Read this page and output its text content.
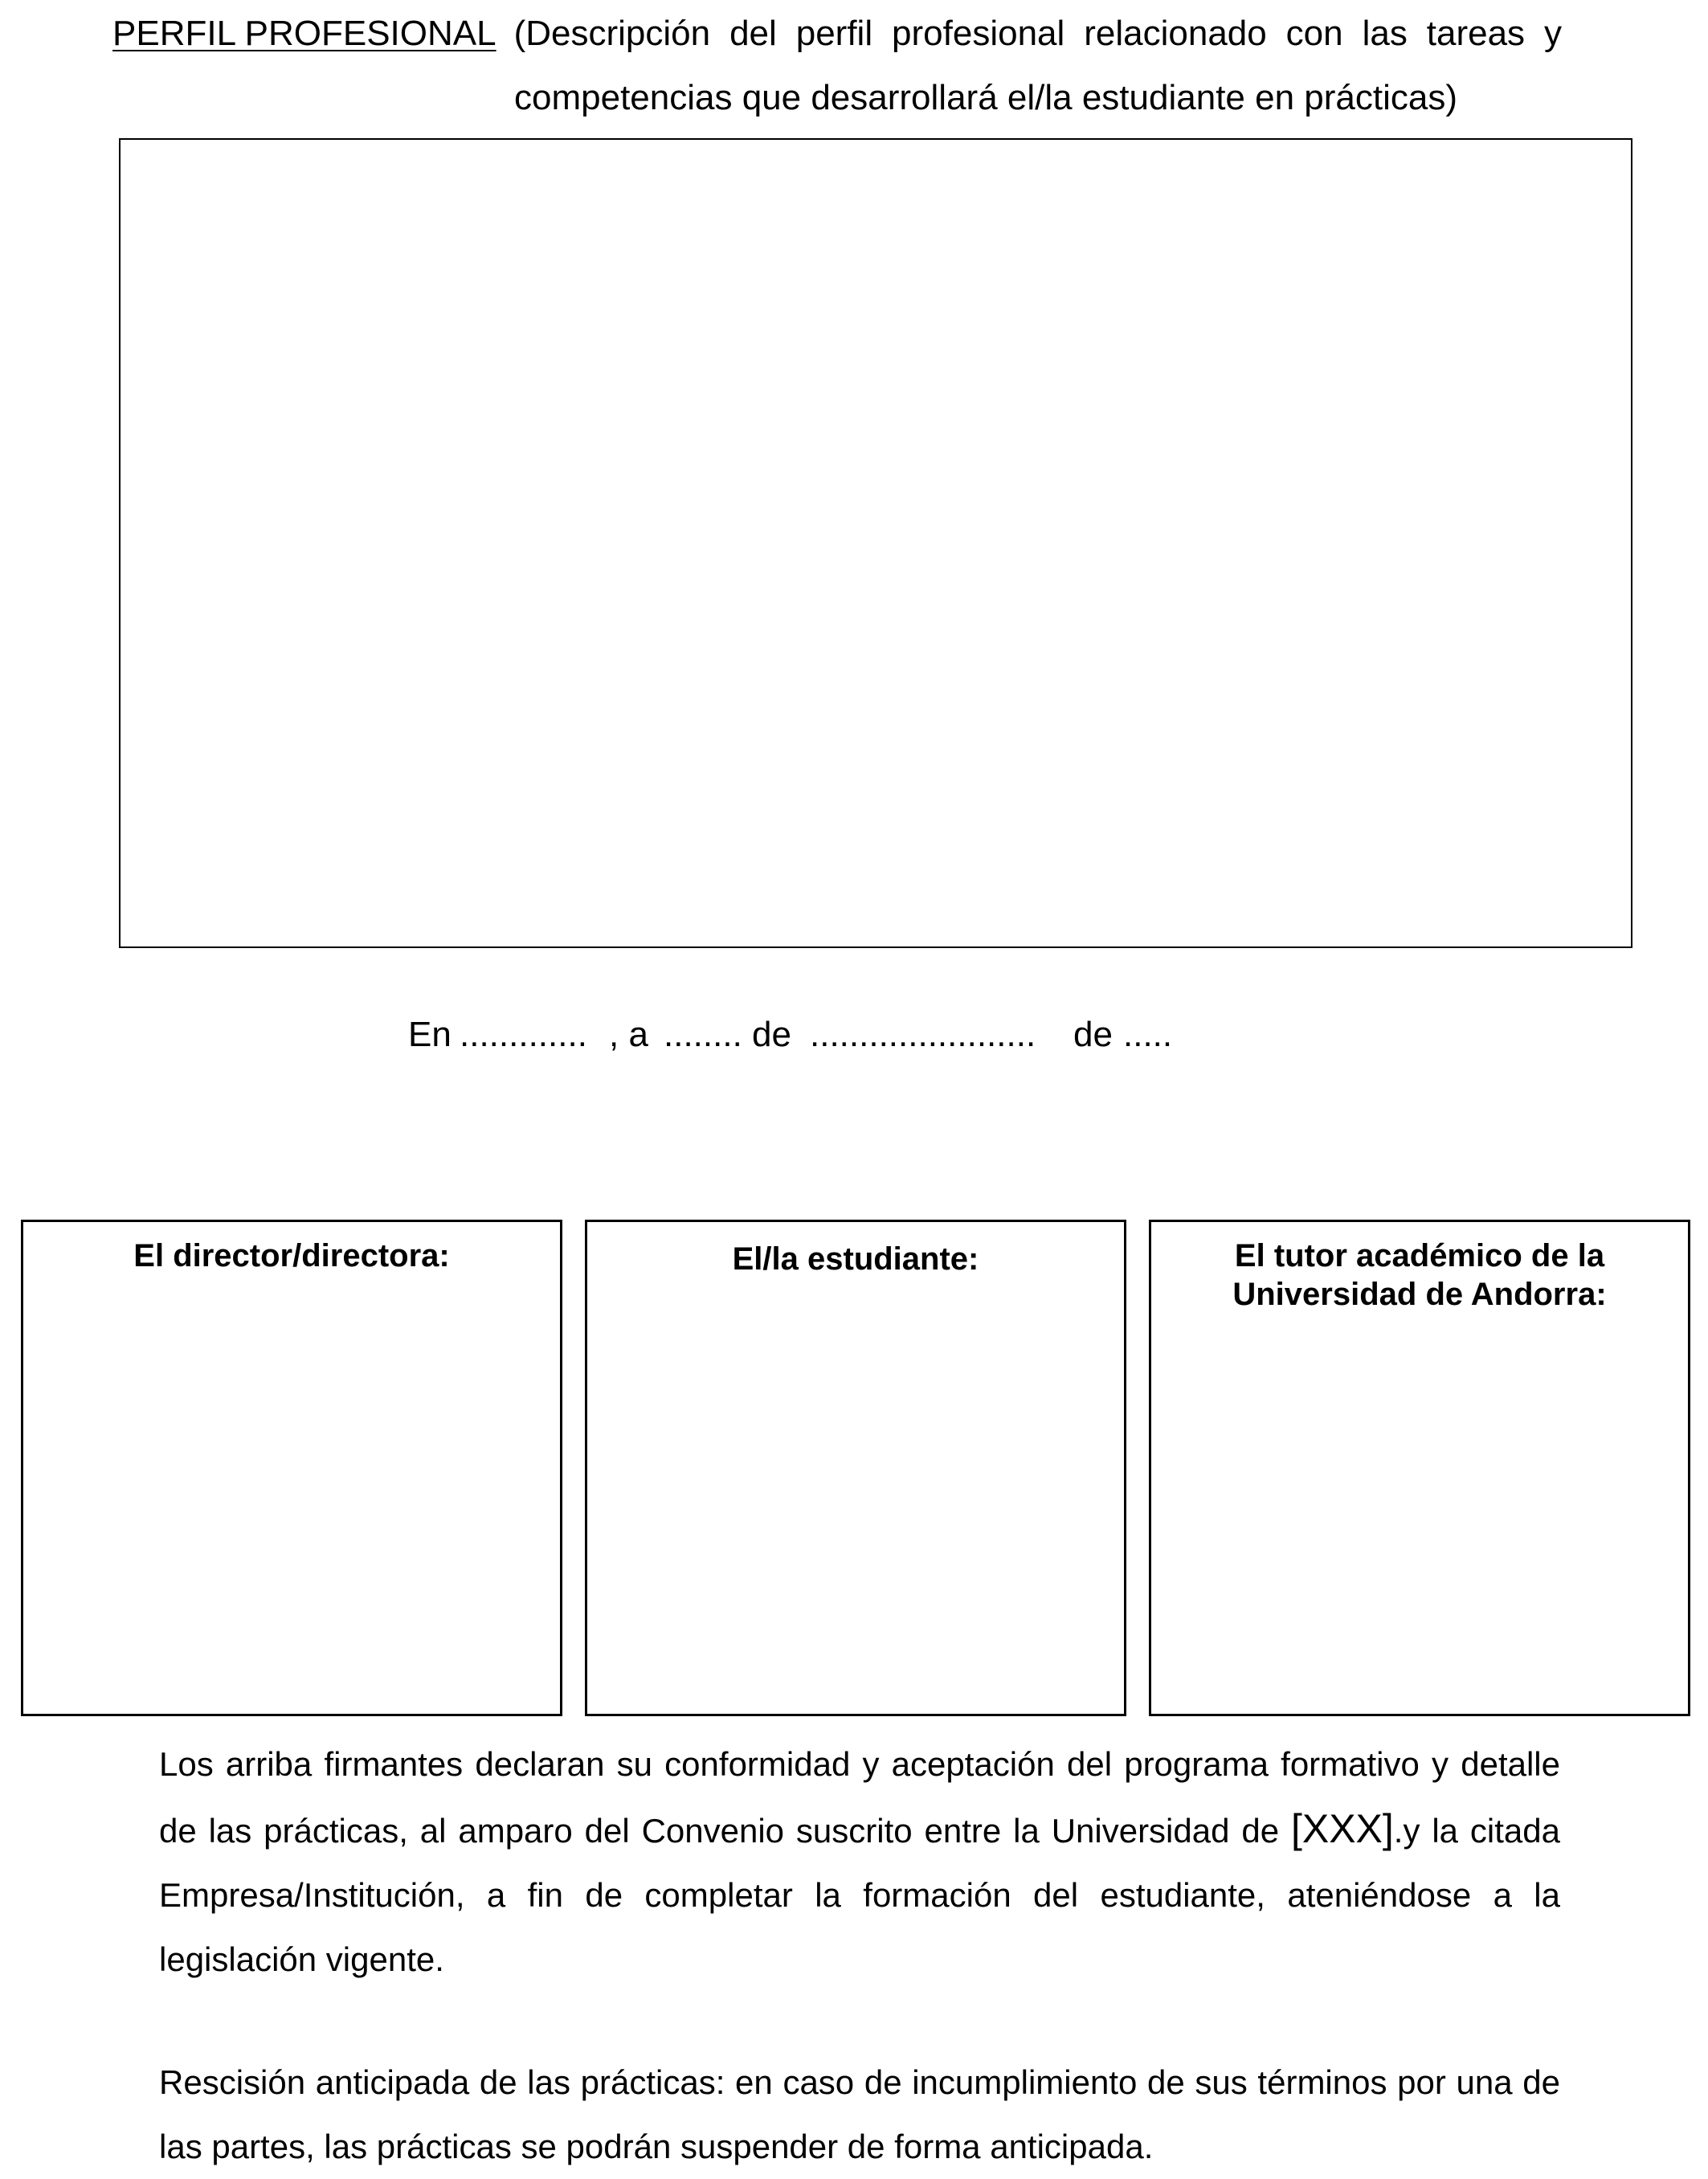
PERFIL PROFESIONAL (Descripción del perfil profesional relacionado con las tareas y
competencias que desarrollará el/la estudiante en prácticas)
En ............. , a ........ de ....................... de .....
El director/directora:	El/la estudiante:	El tutor académico de la
Universidad de Andorra:
Los arriba firmantes declaran su conformidad y aceptación del programa formativo y detalle de las prácticas, al amparo del Convenio suscrito entre la Universidad de [XXX].y la citada Empresa/Institución, a fin de completar la formación del estudiante, ateniéndose a la legislación vigente.
Rescisión anticipada de las prácticas: en caso de incumplimiento de sus términos por una de las partes, las prácticas se podrán suspender de forma anticipada.
